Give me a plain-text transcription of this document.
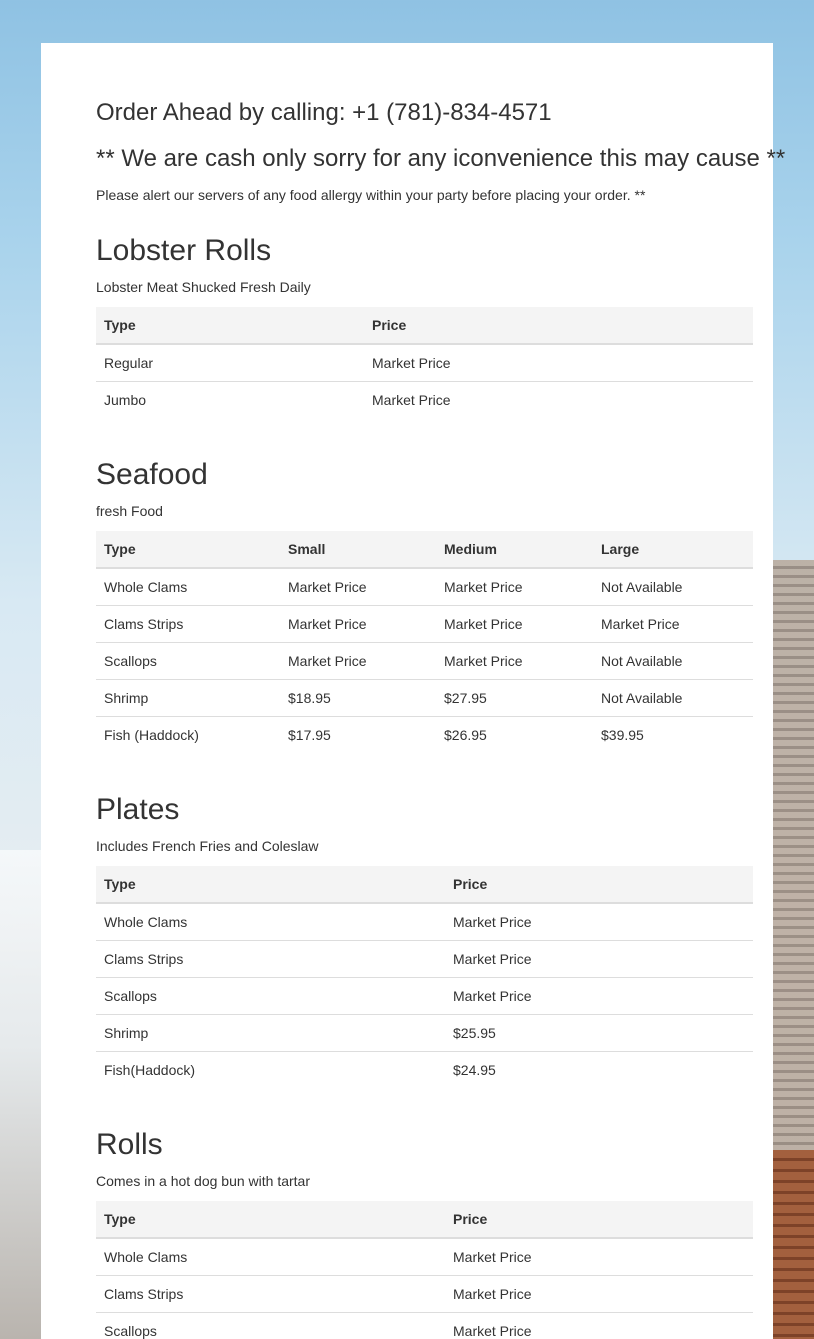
Order Ahead by calling: +1 (781)-834-4571
** We are cash only sorry for any iconvenience this may cause **

Please alert our servers of any food allergy within your party before placing your order. **

Lobster Rolls

Lobster Meat Shucked Fresh Daily

Type	Price
Regular	Market Price
Jumbo	Market Price
Seafood

fresh Food

Type	Small	Medium	Large
Whole Clams	Market Price	Market Price	Not Available
Clams Strips	Market Price	Market Price	Market Price
Scallops	Market Price	Market Price	Not Available
Shrimp	$18.95	$27.95	Not Available
Fish (Haddock)	$17.95	$26.95	$39.95
Plates

Includes French Fries and Coleslaw

Type	Price
Whole Clams	Market Price
Clams Strips	Market Price
Scallops	Market Price
Shrimp	$25.95
Fish(Haddock)	$24.95
Rolls

Comes in a hot dog bun with tartar

Type	Price
Whole Clams	Market Price
Clams Strips	Market Price
Scallops	Market Price
